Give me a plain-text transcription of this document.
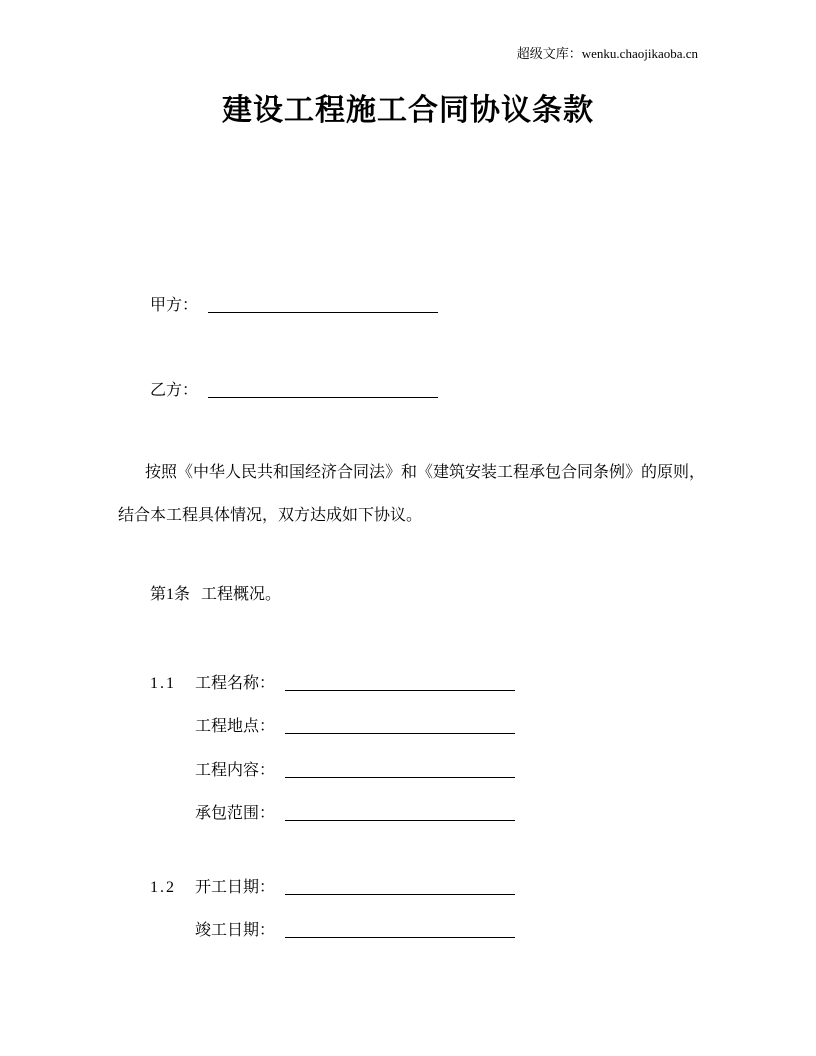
超级文库：wenku.chaojikaoba.cn
建设工程施工合同协议条款
甲方：
乙方：
按照《中华人民共和国经济合同法》和《建筑安装工程承包合同条例》的原则，
结合本工程具体情况，双方达成如下协议。
第1条 工程概况。
1.1 工程名称：
工程地点：
工程内容：
承包范围：
1.2 开工日期：
竣工日期：
